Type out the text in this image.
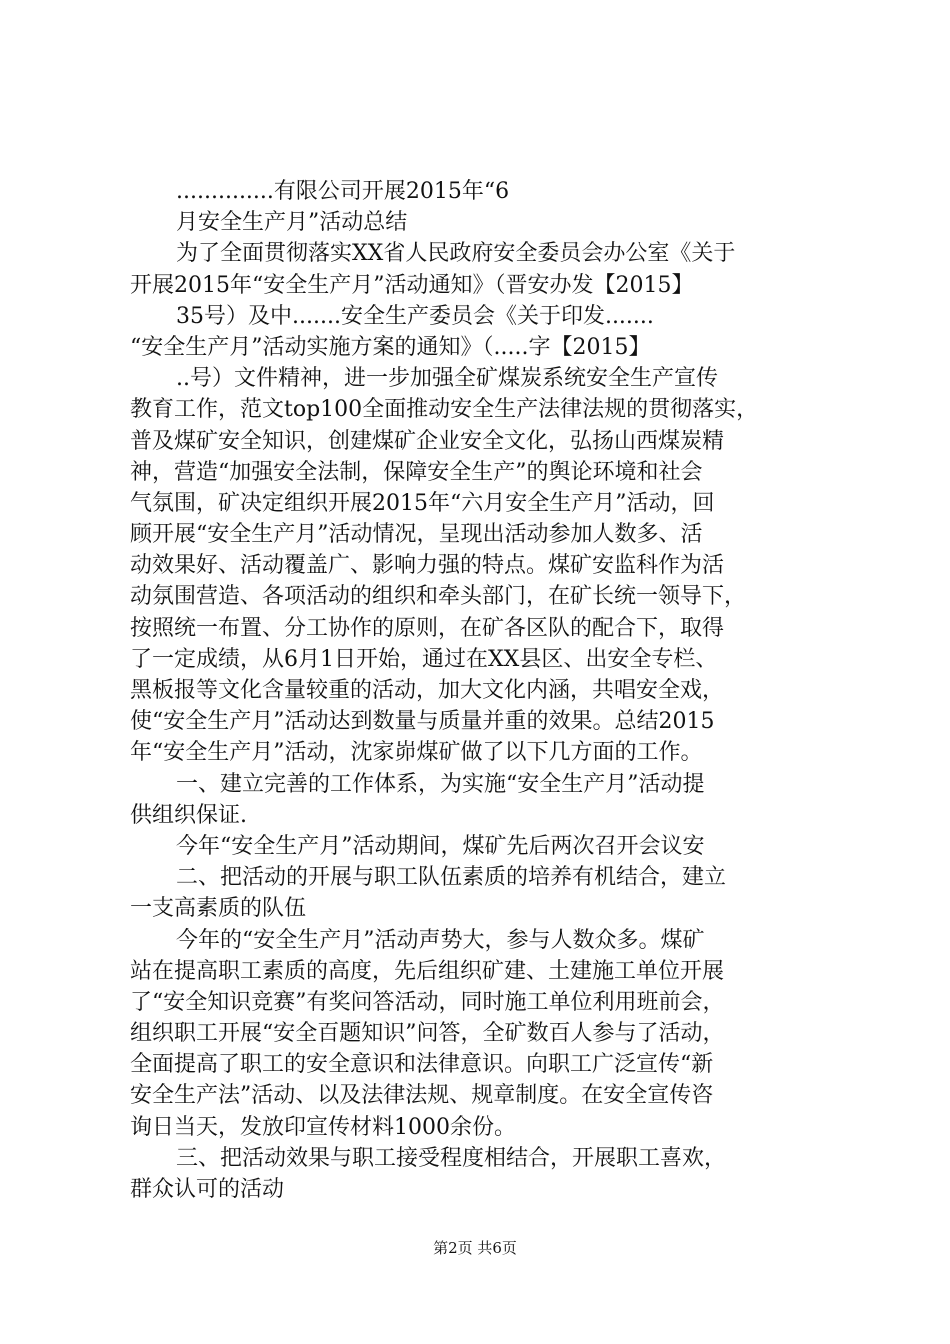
..............有限公司开展2015年“6
月安全生产月”活动总结
为了全面贯彻落实XX省人民政府安全委员会办公室《关于
开展2015年“安全生产月”活动通知》（晋安办发【2015】
35号）及中.......安全生产委员会《关于印发.......
“安全生产月”活动实施方案的通知》（.....字【2015】
..号）文件精神，进一步加强全矿煤炭系统安全生产宣传
教育工作，范文top100全面推动安全生产法律法规的贯彻落实，
普及煤矿安全知识，创建煤矿企业安全文化，弘扬山西煤炭精
神，营造“加强安全法制，保障安全生产”的舆论环境和社会
气氛围，矿决定组织开展2015年“六月安全生产月”活动，回
顾开展“安全生产月”活动情况，呈现出活动参加人数多、活
动效果好、活动覆盖广、影响力强的特点。煤矿安监科作为活
动氛围营造、各项活动的组织和牵头部门，在矿长统一领导下，
按照统一布置、分工协作的原则，在矿各区队的配合下，取得
了一定成绩，从6月1日开始，通过在XX县区、出安全专栏、
黑板报等文化含量较重的活动，加大文化内涵，共唱安全戏，
使“安全生产月”活动达到数量与质量并重的效果。总结2015
年“安全生产月”活动，沈家峁煤矿做了以下几方面的工作。
一、建立完善的工作体系，为实施“安全生产月”活动提
供组织保证.
今年“安全生产月”活动期间，煤矿先后两次召开会议安
二、把活动的开展与职工队伍素质的培养有机结合，建立
一支高素质的队伍
今年的“安全生产月”活动声势大，参与人数众多。煤矿
站在提高职工素质的高度，先后组织矿建、土建施工单位开展
了“安全知识竞赛”有奖问答活动，同时施工单位利用班前会，
组织职工开展“安全百题知识”问答，全矿数百人参与了活动，
全面提高了职工的安全意识和法律意识。向职工广泛宣传“新
安全生产法”活动、以及法律法规、规章制度。在安全宣传咨
询日当天，发放印宣传材料1000余份。
三、把活动效果与职工接受程度相结合，开展职工喜欢，
群众认可的活动
第2页 共6页
